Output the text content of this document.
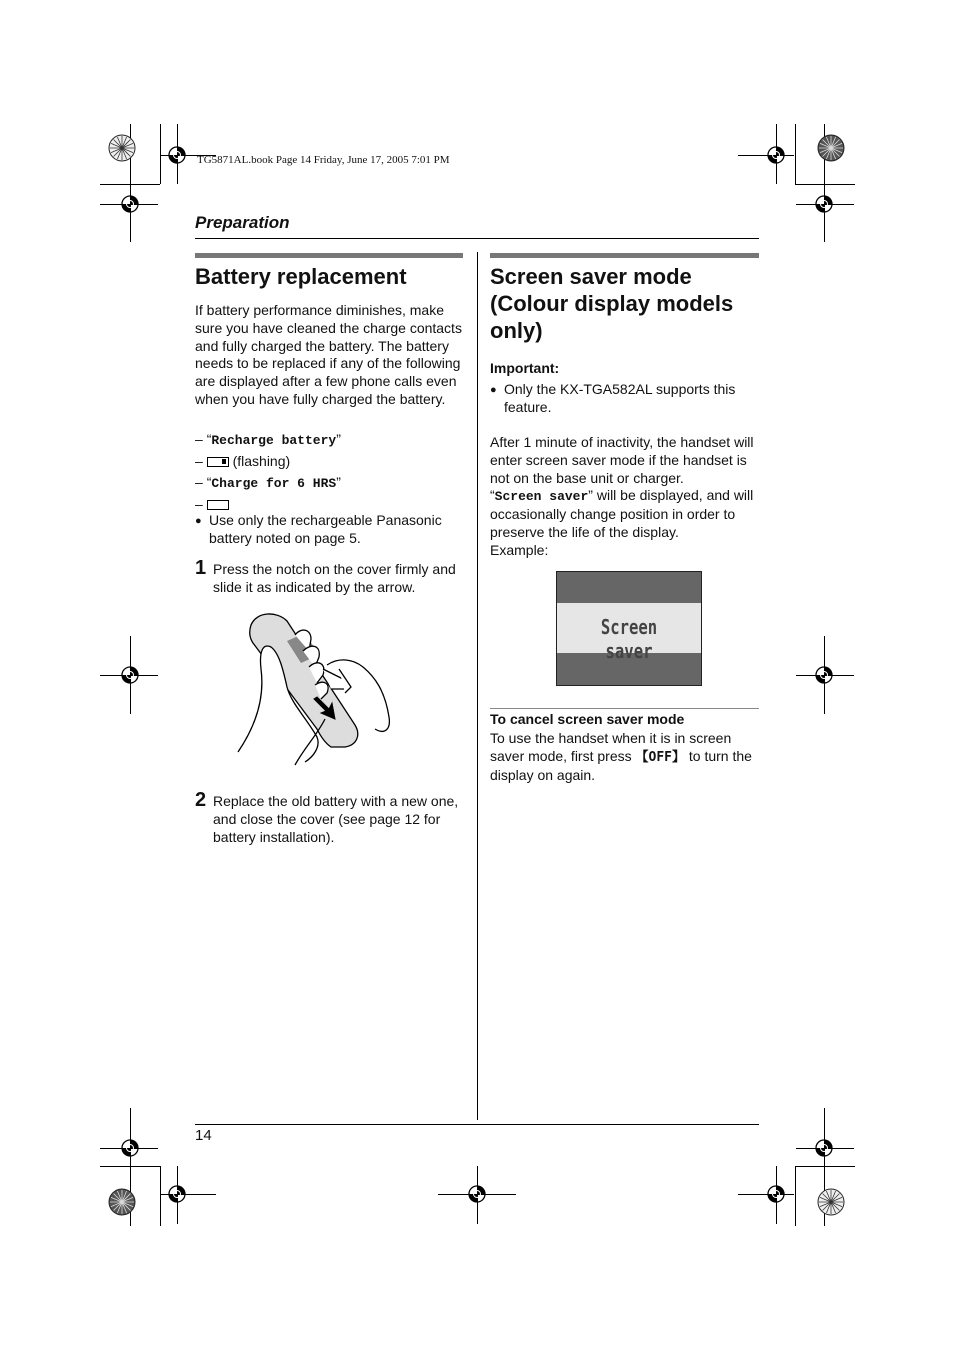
TG5871AL.book Page 14 Friday, June 17, 2005 7:01 PM
Preparation
Battery replacement

If battery performance diminishes, make sure you have cleaned the charge contacts and fully charged the battery. The battery needs to be replaced if any of the following are displayed after a few phone calls even when you have fully charged the battery.

– “Recharge battery”

– (flashing)

– “Charge for 6 HRS”

–

● Use only the rechargeable Panasonic battery noted on page 5.
1 Press the notch on the cover firmly and slide it as indicated by the arrow.
2 Replace the old battery with a new one, and close the cover (see page 12 for battery installation).
Screen saver mode
(Colour display models
only)
Important:
● Only the KX-TGA582AL supports this feature.

After 1 minute of inactivity, the handset will enter screen saver mode if the handset is not on the base unit or charger.

“Screen saver” will be displayed, and will occasionally change position in order to preserve the life of the display.

Example:

Screen saver
To cancel screen saver mode
To use the handset when it is in screen saver mode, first press 【OFF】 to turn the display on again.
14
